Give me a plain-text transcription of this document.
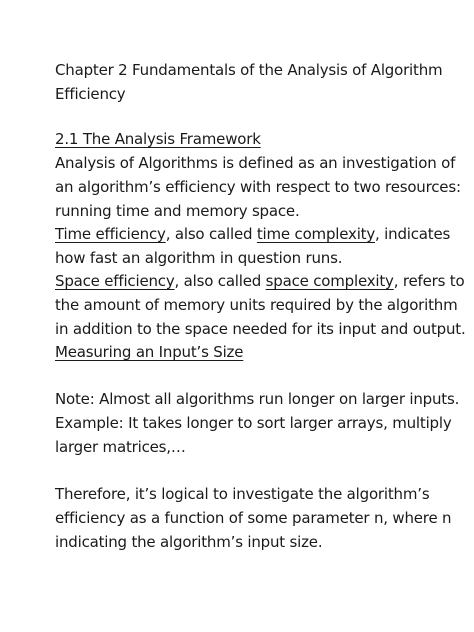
Chapter 2 Fundamentals of the Analysis of Algorithm
Efficiency
2.1 The Analysis Framework
Analysis of Algorithms is defined as an investigation of
an algorithm’s efficiency with respect to two resources:
running time and memory space.
Time efficiency, also called time complexity, indicates
how fast an algorithm in question runs.
Space efficiency, also called space complexity, refers to
the amount of memory units required by the algorithm
in addition to the space needed for its input and output.
Measuring an Input’s Size
Note: Almost all algorithms run longer on larger inputs.
Example: It takes longer to sort larger arrays, multiply
larger matrices,…
Therefore, it’s logical to investigate the algorithm’s
efficiency as a function of some parameter n, where n
indicating the algorithm’s input size.
